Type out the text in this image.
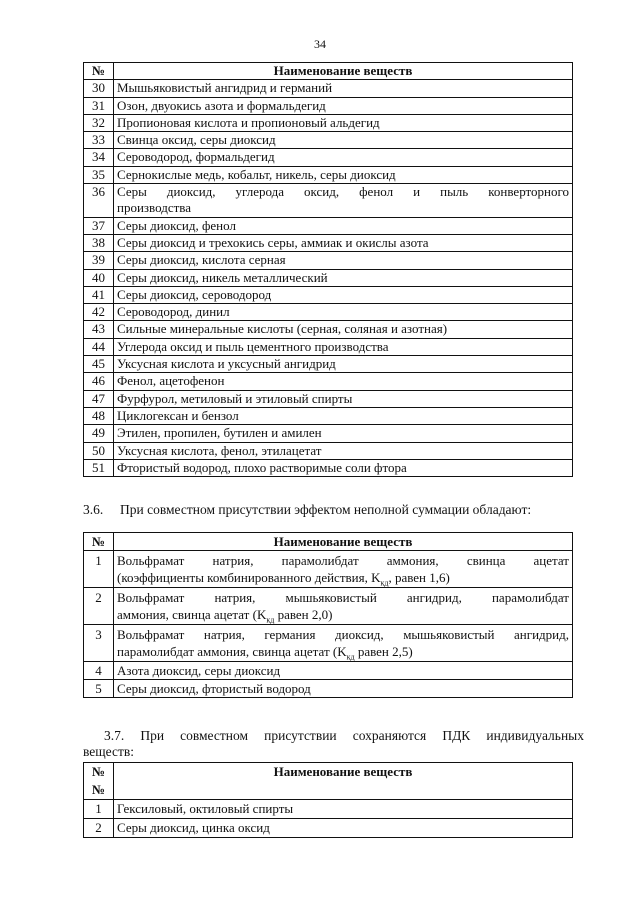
34
№	Наименование веществ
30	Мышьяковистый ангидрид и германий
31	Озон, двуокись азота и формальдегид
32	Пропионовая кислота и пропионовый альдегид
33	Свинца оксид, серы диоксид
34	Сероводород, формальдегид
35	Сернокислые медь, кобальт, никель, серы диоксид
36	Серы диоксид, углерода оксид, фенол и пыль конверторного
производства

37	Серы диоксид, фенол
38	Серы диоксид и трехокись серы, аммиак и окислы азота
39	Серы диоксид, кислота серная
40	Серы диоксид, никель металлический
41	Серы диоксид, сероводород
42	Сероводород, динил
43	Сильные минеральные кислоты (серная, соляная и азотная)
44	Углерода оксид и пыль цементного производства
45	Уксусная кислота и уксусный ангидрид
46	Фенол, ацетофенон
47	Фурфурол, метиловый и этиловый спирты
48	Циклогексан и бензол
49	Этилен, пропилен, бутилен и амилен
50	Уксусная кислота, фенол, этилацетат
51	Фтористый водород, плохо растворимые соли фтора
3.6. При совместном присутствии эффектом неполной суммации обладают:
№	Наименование веществ
1	Вольфрамат натрия, парамолибдат аммония, свинца ацетат
(коэффициенты комбинированного действия, $K_{кд}$, равен 1,6)

2	Вольфрамат натрия, мышьяковистый ангидрид, парамолибдат
аммония, свинца ацетат ($K_{кд}$ равен 2,0)

3	Вольфрамат натрия, германия диоксид, мышьяковистый ангидрид,
парамолибдат аммония, свинца ацетат ($K_{кд}$ равен 2,5)

4	Азота диоксид, серы диоксид
5	Серы диоксид, фтористый водород
3.7. При совместном присутствии сохраняются ПДК индивидуальных
веществ:
№№	Наименование веществ
1	Гексиловый, октиловый спирты
2	Серы диоксид, цинка оксид
